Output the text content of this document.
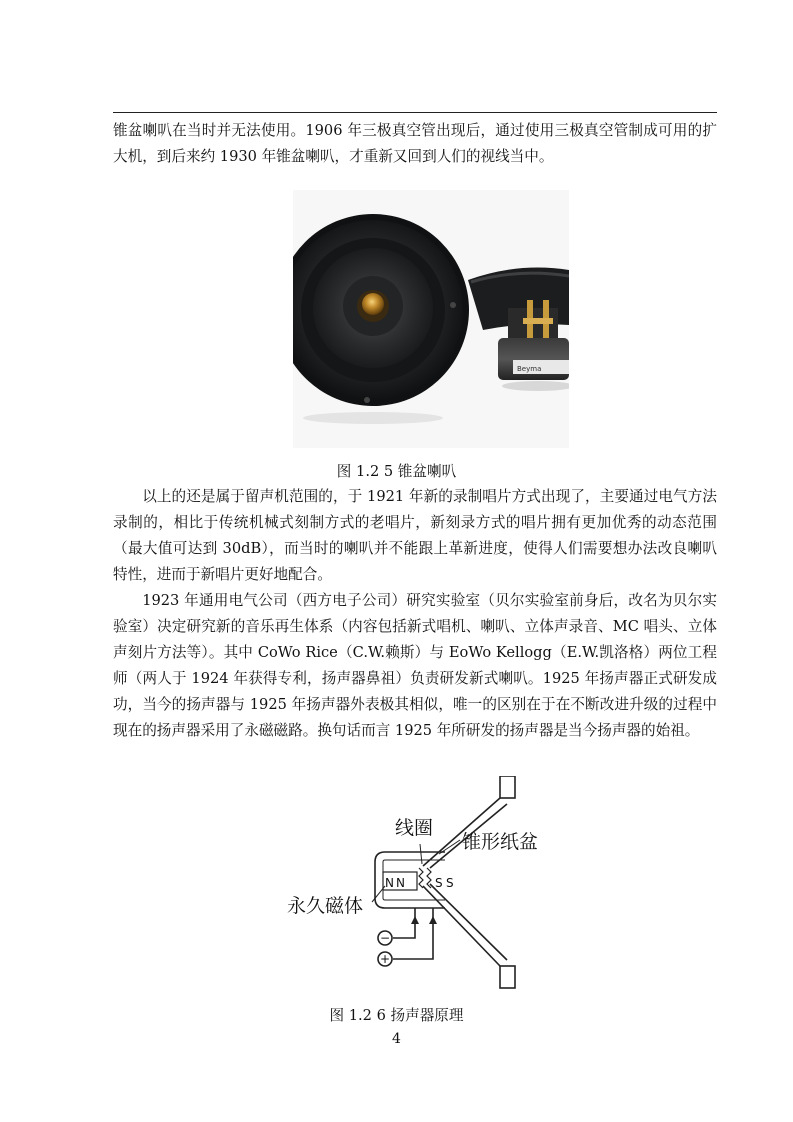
锥盆喇叭在当时并无法使用。1906 年三极真空管出现后，通过使用三极真空管制成可用的扩大机，到后来约 1930 年锥盆喇叭，才重新又回到人们的视线当中。

Beyma
图 1.2 5 锥盆喇叭

以上的还是属于留声机范围的，于 1921 年新的录制唱片方式出现了，主要通过电气方法录制的，相比于传统机械式刻制方式的老唱片，新刻录方式的唱片拥有更加优秀的动态范围（最大值可达到 30dB），而当时的喇叭并不能跟上革新进度，使得人们需要想办法改良喇叭特性，进而于新唱片更好地配合。

1923 年通用电气公司（西方电子公司）研究实验室（贝尔实验室前身后，改名为贝尔实验室）决定研究新的音乐再生体系（内容包括新式唱机、喇叭、立体声录音、MC 唱头、立体声刻片方法等）。其中 CoWo Rice（C.W.赖斯）与 EoWo Kellogg（E.W.凯洛格）两位工程师（两人于 1924 年获得专利，扬声器鼻祖）负责研发新式喇叭。1925 年扬声器正式研发成功，当今的扬声器与 1925 年扬声器外表极其相似，唯一的区别在于在不断改进升级的过程中现在的扬声器采用了永磁磁路。换句话而言 1925 年所研发的扬声器是当今扬声器的始祖。

线圈
锥形纸盆
永久磁体
N N	S S
−
+
图 1.2 6 扬声器原理
4
